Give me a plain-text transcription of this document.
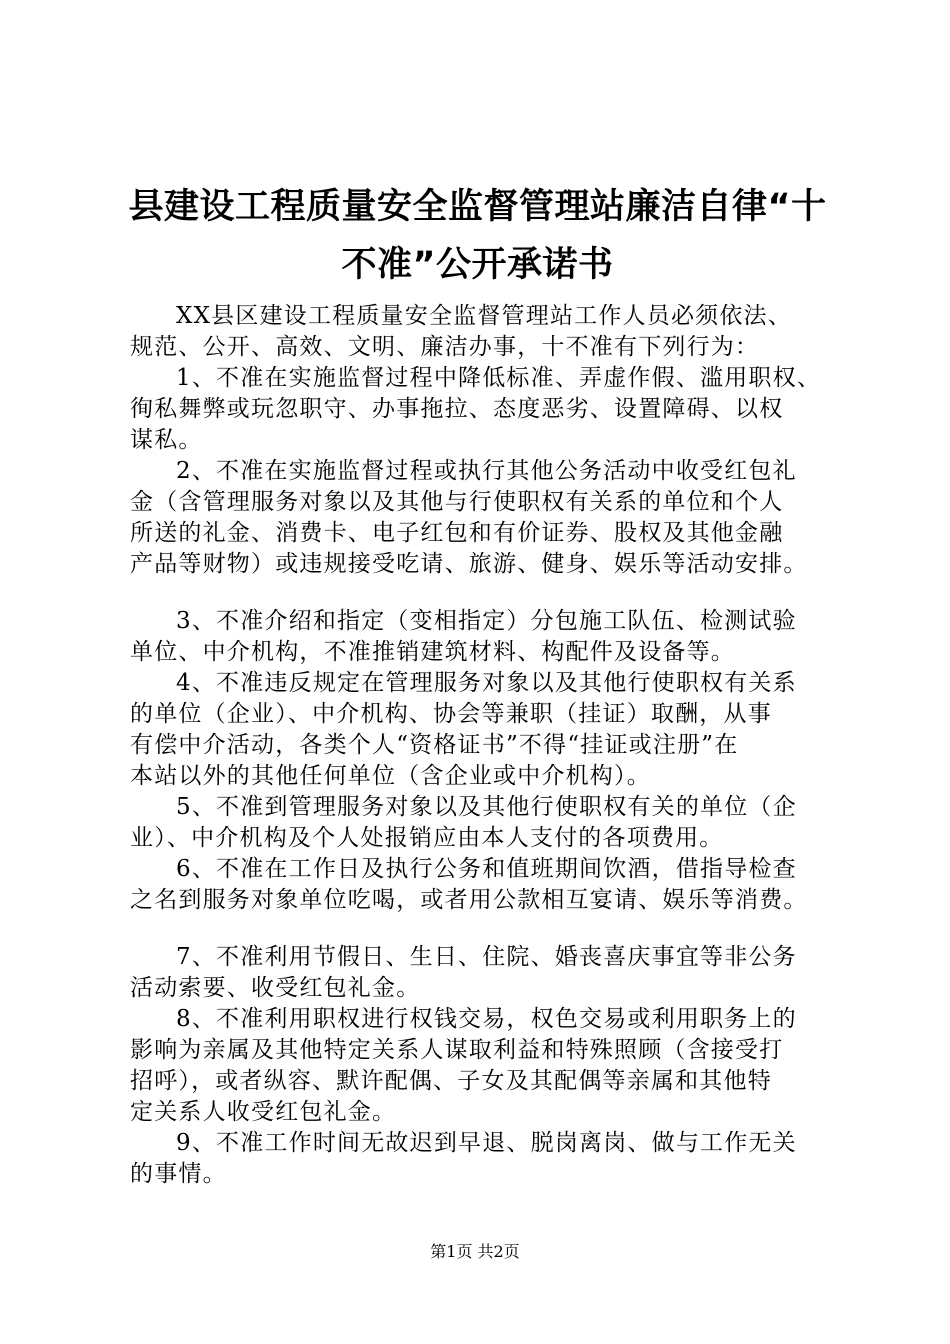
县建设工程质量安全监督管理站廉洁自律“十
不准”公开承诺书

XX县区建设工程质量安全监督管理站工作人员必须依法、

规范、公开、高效、文明、廉洁办事，十不准有下列行为：

1、不准在实施监督过程中降低标准、弄虚作假、滥用职权、

徇私舞弊或玩忽职守、办事拖拉、态度恶劣、设置障碍、以权

谋私。

2、不准在实施监督过程或执行其他公务活动中收受红包礼

金（含管理服务对象以及其他与行使职权有关系的单位和个人

所送的礼金、消费卡、电子红包和有价证券、股权及其他金融

产品等财物）或违规接受吃请、旅游、健身、娱乐等活动安排。

3、不准介绍和指定（变相指定）分包施工队伍、检测试验

单位、中介机构，不准推销建筑材料、构配件及设备等。

4、不准违反规定在管理服务对象以及其他行使职权有关系

的单位（企业）、中介机构、协会等兼职（挂证）取酬，从事

有偿中介活动，各类个人“资格证书”不得“挂证或注册”在

本站以外的其他任何单位（含企业或中介机构）。

5、不准到管理服务对象以及其他行使职权有关的单位（企

业）、中介机构及个人处报销应由本人支付的各项费用。

6、不准在工作日及执行公务和值班期间饮酒，借指导检查

之名到服务对象单位吃喝，或者用公款相互宴请、娱乐等消费。

7、不准利用节假日、生日、住院、婚丧喜庆事宜等非公务

活动索要、收受红包礼金。

8、不准利用职权进行权钱交易，权色交易或利用职务上的

影响为亲属及其他特定关系人谋取利益和特殊照顾（含接受打

招呼），或者纵容、默许配偶、子女及其配偶等亲属和其他特

定关系人收受红包礼金。

9、不准工作时间无故迟到早退、脱岗离岗、做与工作无关

的事情。

第1页 共2页
